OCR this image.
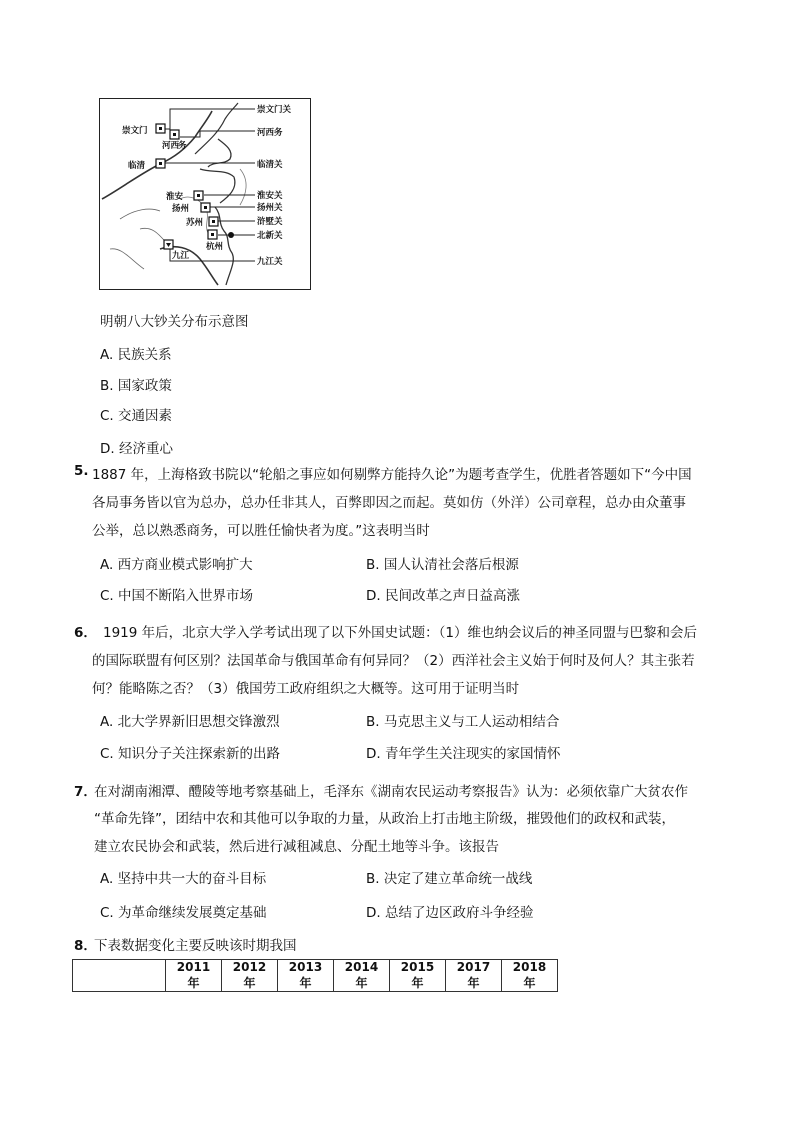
崇文门
河西
务
临清
淮安
扬州
苏州
杭州
九江
崇文门关
河西务
临清关
淮安关
扬州关
浒墅关
北新关
九江关
明朝八大钞关分布示意图
A. 民族关系
B. 国家政策
C. 交通因素
D. 经济重心
5. 1887 年，上海格致书院以“轮船之事应如何剔弊方能持久论”为题考查学生，优胜者答题如下“今中国
各局事务皆以官为总办，总办任非其人，百弊即因之而起。莫如仿（外洋）公司章程，总办由众董事
公举，总以熟悉商务，可以胜任愉快者为度。”这表明当时
A. 西方商业模式影响扩大	B. 国人认清社会落后根源
C. 中国不断陷入世界市场	D. 民间改革之声日益高涨
6． 1919 年后，北京大学入学考试出现了以下外国史试题：（1）维也纳会议后的神圣同盟与巴黎和会后
的国际联盟有何区别？法国革命与俄国革命有何异同？（2）西洋社会主义始于何时及何人？其主张若
何？能略陈之否？（3）俄国劳工政府组织之大概等。这可用于证明当时
A. 北大学界新旧思想交锋激烈	B. 马克思主义与工人运动相结合
C. 知识分子关注探索新的出路	D. 青年学生关注现实的家国情怀
7．
在对湖南湘潭、醴陵等地考察基础上，毛泽东《湖南农民运动考察报告》认为：必须依靠广大贫农作
“革命先锋”，团结中农和其他可以争取的力量，从政治上打击地主阶级，摧毁他们的政权和武装，
建立农民协会和武装，然后进行减租减息、分配土地等斗争。该报告
A. 坚持中共一大的奋斗目标	B. 决定了建立革命统一战线
C. 为革命继续发展奠定基础	D. 总结了边区政府斗争经验
8．
下表数据变化主要反映该时期我国
	2011 年	2012 年	2013 年	2014 年	2015 年	2017 年	2018 年
